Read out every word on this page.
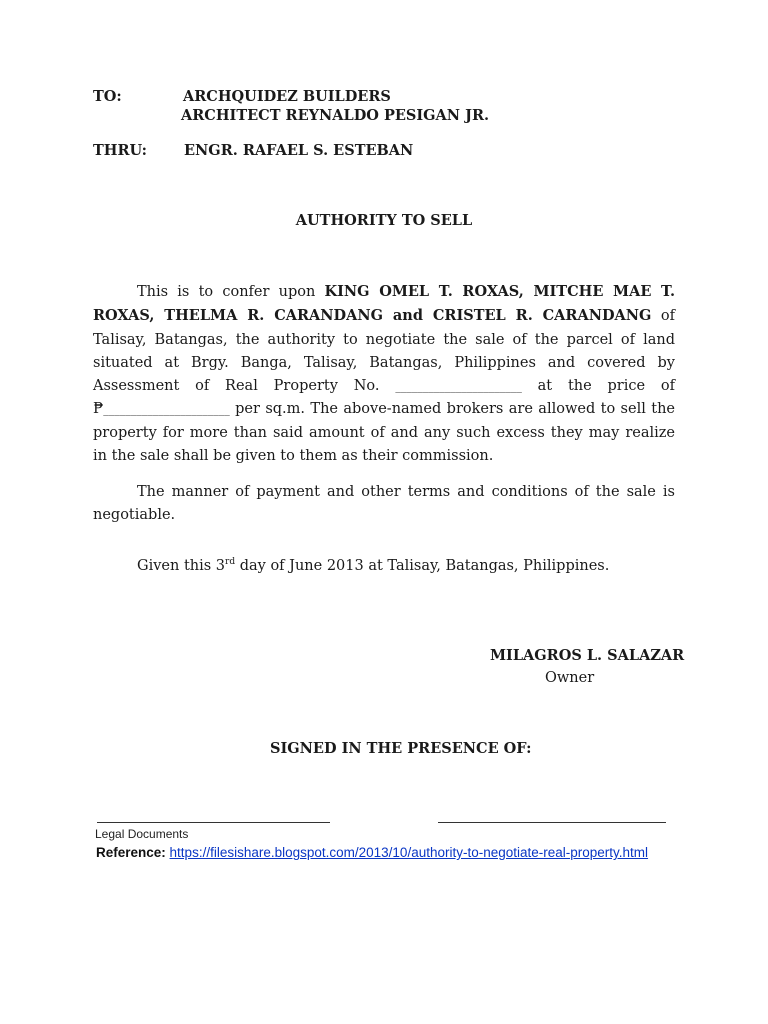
TO:	ARCHQUIDEZ BUILDERS
ARCHITECT REYNALDO PESIGAN JR.
THRU:	ENGR. RAFAEL S. ESTEBAN
AUTHORITY TO SELL

This is to confer upon KING OMEL T. ROXAS, MITCHE MAE T. ROXAS, THELMA R. CARANDANG and CRISTEL R. CARANDANG of Talisay, Batangas, the authority to negotiate the sale of the parcel of land situated at Brgy. Banga, Talisay, Batangas, Philippines and covered by Assessment of Real Property No. _______________________ at the price of ₱_______________________ per sq.m. The above-named brokers are allowed to sell the property for more than said amount of and any such excess they may realize in the sale shall be given to them as their commission.

The manner of payment and other terms and conditions of the sale is negotiable.

Given this 3rd day of June 2013 at Talisay, Batangas, Philippines.

MILAGROS L. SALAZAR
Owner
SIGNED IN THE PRESENCE OF:
Legal Documents
Reference: https://filesishare.blogspot.com/2013/10/authority-to-negotiate-real-property.html
